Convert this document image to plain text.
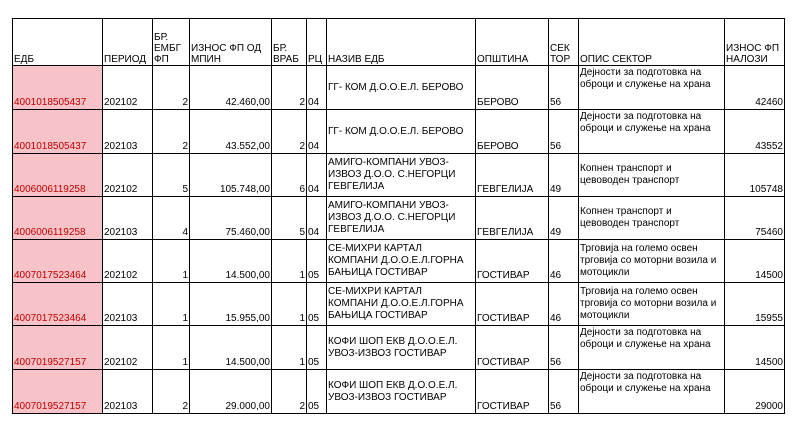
ЕДБ	ПЕРИОД	БР. ЕМБГ ФП	ИЗНОС ФП ОД МПИН	БР. ВРАБ	РЦ	НАЗИВ ЕДБ	ОПШТИНА	СЕК ТОР	ОПИС СЕКТОР	ИЗНОС ФП НАЛОЗИ
4001018505437	202102	2	42.460,00	2	04	ГГ- КОМ Д.О.О.Е.Л. БЕРОВО	БЕРОВО	56	Дејности за подготовка на оброци и служење на храна	42460
4001018505437	202103	2	43.552,00	2	04	ГГ- КОМ Д.О.О.Е.Л. БЕРОВО	БЕРОВО	56	Дејности за подготовка на оброци и служење на храна	43552
4006006119258	202102	5	105.748,00	6	04	АМИГО-КОМПАНИ УВОЗ-ИЗВОЗ Д.О.О. С.НЕГОРЦИ ГЕВГЕЛИЈА	ГЕВГЕЛИЈА	49	Копнен транспорт и цевоводен транспорт	105748
4006006119258	202103	4	75.460,00	5	04	АМИГО-КОМПАНИ УВОЗ-ИЗВОЗ Д.О.О. С.НЕГОРЦИ ГЕВГЕЛИЈА	ГЕВГЕЛИЈА	49	Копнен транспорт и цевоводен транспорт	75460
4007017523464	202102	1	14.500,00	1	05	СЕ-МИХРИ КАРТАЛ КОМПАНИ Д.О.О.Е.Л.ГОРНА БАЊИЦА ГОСТИВАР	ГОСТИВАР	46	Трговија на големо освен трговија со моторни возила и мотоцикли	14500
4007017523464	202103	1	15.955,00	1	05	СЕ-МИХРИ КАРТАЛ КОМПАНИ Д.О.О.Е.Л.ГОРНА БАЊИЦА ГОСТИВАР	ГОСТИВАР	46	Трговија на големо освен трговија со моторни возила и мотоцикли	15955
4007019527157	202102	1	14.500,00	1	05	КОФИ ШОП ЕКВ Д.О.О.Е.Л. УВОЗ-ИЗВОЗ ГОСТИВАР	ГОСТИВАР	56	Дејности за подготовка на оброци и служење на храна	14500
4007019527157	202103	2	29.000,00	2	05	КОФИ ШОП ЕКВ Д.О.О.Е.Л. УВОЗ-ИЗВОЗ ГОСТИВАР	ГОСТИВАР	56	Дејности за подготовка на оброци и служење на храна	29000
